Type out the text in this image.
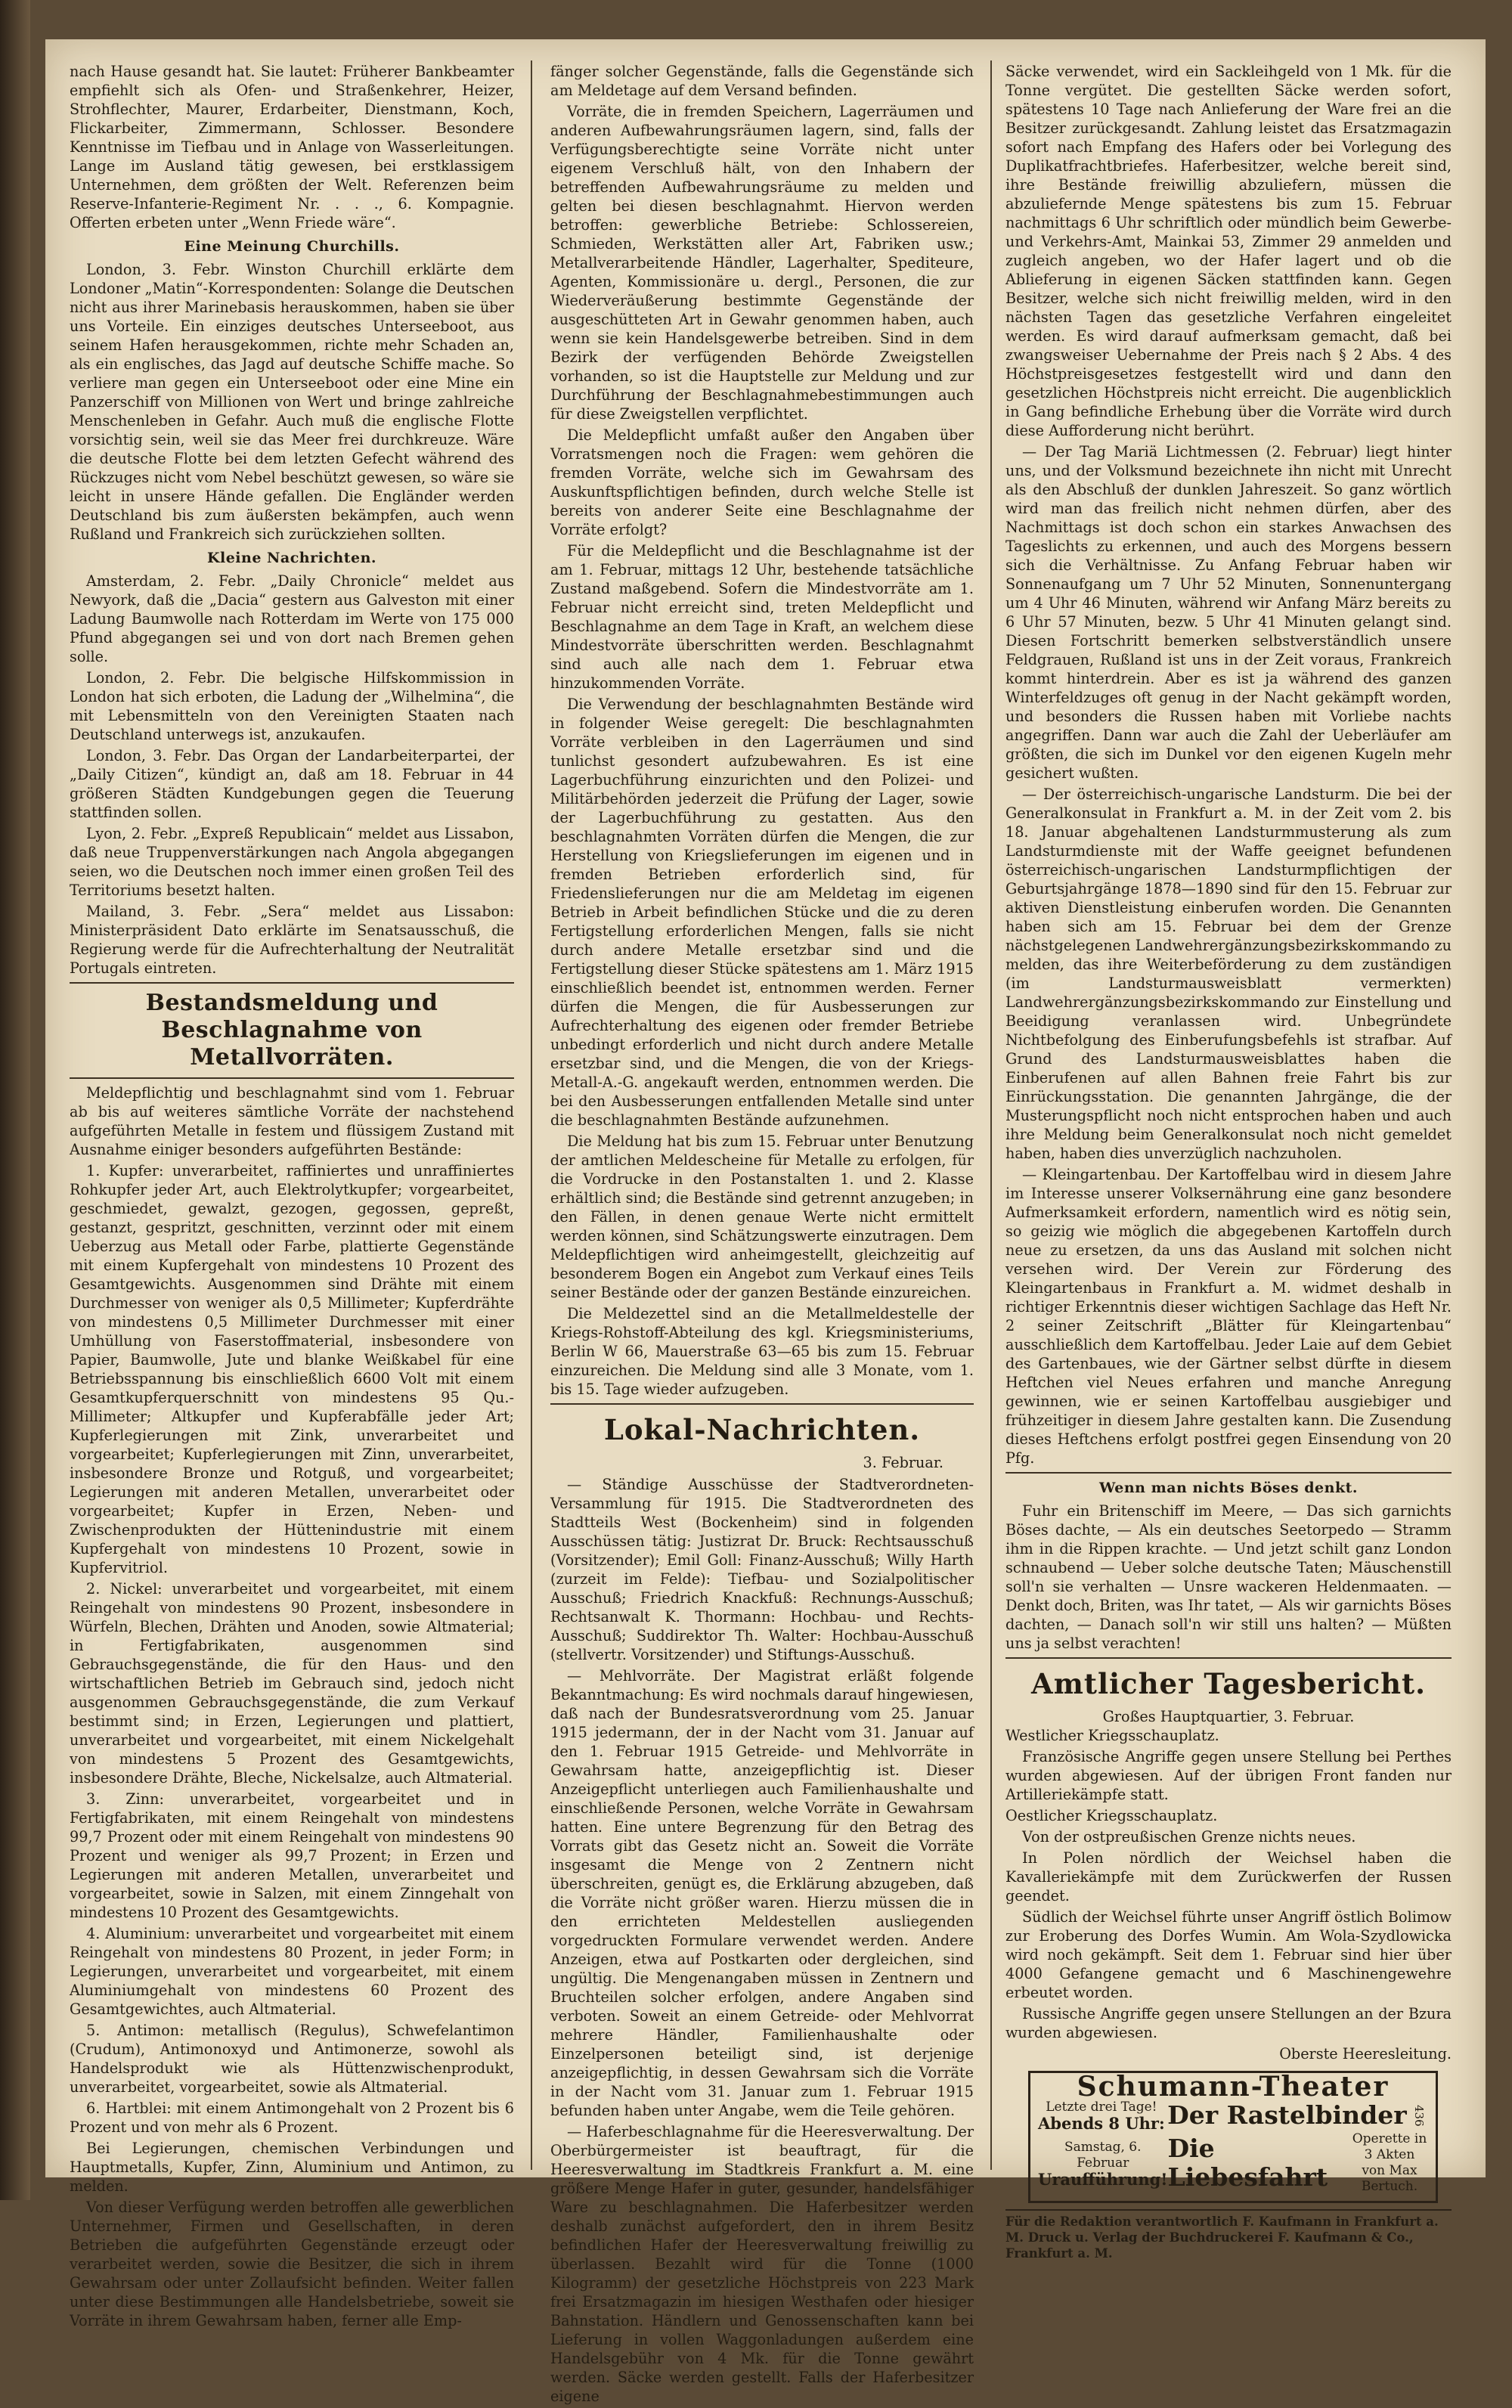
nach Hause gesandt hat. Sie lautet: Früherer Bankbeamter empfiehlt sich als Ofen- und Straßenkehrer, Heizer, Strohflechter, Maurer, Erdarbeiter, Dienstmann, Koch, Flickarbeiter, Zimmermann, Schlosser. Besondere Kenntnisse im Tiefbau und in Anlage von Wasserleitungen. Lange im Ausland tätig gewesen, bei erstklassigem Unternehmen, dem größten der Welt. Referenzen beim Reserve-Infanterie-Regiment Nr. . . ., 6. Kompagnie. Offerten erbeten unter „Wenn Friede wäre“.

Eine Meinung Churchills.

London, 3. Febr. Winston Churchill erklärte dem Londoner „Matin“-Korrespondenten: Solange die Deutschen nicht aus ihrer Marinebasis herauskommen, haben sie über uns Vorteile. Ein einziges deutsches Unterseeboot, aus seinem Hafen herausgekommen, richte mehr Schaden an, als ein englisches, das Jagd auf deutsche Schiffe mache. So verliere man gegen ein Unterseeboot oder eine Mine ein Panzerschiff von Millionen von Wert und bringe zahlreiche Menschenleben in Gefahr. Auch muß die englische Flotte vorsichtig sein, weil sie das Meer frei durchkreuze. Wäre die deutsche Flotte bei dem letzten Gefecht während des Rückzuges nicht vom Nebel beschützt gewesen, so wäre sie leicht in unsere Hände gefallen. Die Engländer werden Deutschland bis zum äußersten bekämpfen, auch wenn Rußland und Frankreich sich zurückziehen sollten.

Kleine Nachrichten.

Amsterdam, 2. Febr. „Daily Chronicle“ meldet aus Newyork, daß die „Dacia“ gestern aus Galveston mit einer Ladung Baumwolle nach Rotterdam im Werte von 175 000 Pfund abgegangen sei und von dort nach Bremen gehen solle.

London, 2. Febr. Die belgische Hilfskommission in London hat sich erboten, die Ladung der „Wilhelmina“, die mit Lebensmitteln von den Vereinigten Staaten nach Deutschland unterwegs ist, anzukaufen.

London, 3. Febr. Das Organ der Landarbeiterpartei, der „Daily Citizen“, kündigt an, daß am 18. Februar in 44 größeren Städten Kundgebungen gegen die Teuerung stattfinden sollen.

Lyon, 2. Febr. „Expreß Republicain“ meldet aus Lissabon, daß neue Truppenverstärkungen nach Angola abgegangen seien, wo die Deutschen noch immer einen großen Teil des Territoriums besetzt halten.

Mailand, 3. Febr. „Sera“ meldet aus Lissabon: Ministerpräsident Dato erklärte im Senatsausschuß, die Regierung werde für die Aufrechterhaltung der Neutralität Portugals eintreten.

Bestandsmeldung und Beschlagnahme von Metallvorräten.

Meldepflichtig und beschlagnahmt sind vom 1. Februar ab bis auf weiteres sämtliche Vorräte der nachstehend aufgeführten Metalle in festem und flüssigem Zustand mit Ausnahme einiger besonders aufgeführten Bestände:

1. Kupfer: unverarbeitet, raffiniertes und unraffiniertes Rohkupfer jeder Art, auch Elektrolytkupfer; vorgearbeitet, geschmiedet, gewalzt, gezogen, gegossen, gepreßt, gestanzt, gespritzt, geschnitten, verzinnt oder mit einem Ueberzug aus Metall oder Farbe, plattierte Gegenstände mit einem Kupfergehalt von mindestens 10 Prozent des Gesamtgewichts. Ausgenommen sind Drähte mit einem Durchmesser von weniger als 0,5 Millimeter; Kupferdrähte von mindestens 0,5 Millimeter Durchmesser mit einer Umhüllung von Faserstoffmaterial, insbesondere von Papier, Baumwolle, Jute und blanke Weißkabel für eine Betriebsspannung bis einschließlich 6600 Volt mit einem Gesamtkupferquerschnitt von mindestens 95 Qu.-Millimeter; Altkupfer und Kupferabfälle jeder Art; Kupferlegierungen mit Zink, unverarbeitet und vorgearbeitet; Kupferlegierungen mit Zinn, unverarbeitet, insbesondere Bronze und Rotguß, und vorgearbeitet; Legierungen mit anderen Metallen, unverarbeitet oder vorgearbeitet; Kupfer in Erzen, Neben- und Zwischenprodukten der Hüttenindustrie mit einem Kupfergehalt von mindestens 10 Prozent, sowie in Kupfervitriol.

2. Nickel: unverarbeitet und vorgearbeitet, mit einem Reingehalt von mindestens 90 Prozent, insbesondere in Würfeln, Blechen, Drähten und Anoden, sowie Altmaterial; in Fertigfabrikaten, ausgenommen sind Gebrauchsgegenstände, die für den Haus- und den wirtschaftlichen Betrieb im Gebrauch sind, jedoch nicht ausgenommen Gebrauchsgegenstände, die zum Verkauf bestimmt sind; in Erzen, Legierungen und plattiert, unverarbeitet und vorgearbeitet, mit einem Nickelgehalt von mindestens 5 Prozent des Gesamtgewichts, insbesondere Drähte, Bleche, Nickelsalze, auch Altmaterial.

3. Zinn: unverarbeitet, vorgearbeitet und in Fertigfabrikaten, mit einem Reingehalt von mindestens 99,7 Prozent oder mit einem Reingehalt von mindestens 90 Prozent und weniger als 99,7 Prozent; in Erzen und Legierungen mit anderen Metallen, unverarbeitet und vorgearbeitet, sowie in Salzen, mit einem Zinngehalt von mindestens 10 Prozent des Gesamtgewichts.

4. Aluminium: unverarbeitet und vorgearbeitet mit einem Reingehalt von mindestens 80 Prozent, in jeder Form; in Legierungen, unverarbeitet und vorgearbeitet, mit einem Aluminiumgehalt von mindestens 60 Prozent des Gesamtgewichtes, auch Altmaterial.

5. Antimon: metallisch (Regulus), Schwefelantimon (Crudum), Antimonoxyd und Antimonerze, sowohl als Handelsprodukt wie als Hüttenzwischenprodukt, unverarbeitet, vorgearbeitet, sowie als Altmaterial.

6. Hartblei: mit einem Antimongehalt von 2 Prozent bis 6 Prozent und von mehr als 6 Prozent.

Bei Legierungen, chemischen Verbindungen und Hauptmetalls, Kupfer, Zinn, Aluminium und Antimon, zu melden.

Von dieser Verfügung werden betroffen alle gewerblichen Unternehmer, Firmen und Gesellschaften, in deren Betrieben die aufgeführten Gegenstände erzeugt oder verarbeitet werden, sowie die Besitzer, die sich in ihrem Gewahrsam oder unter Zollaufsicht befinden. Weiter fallen unter diese Bestimmungen alle Handelsbetriebe, soweit sie Vorräte in ihrem Gewahrsam haben, ferner alle Emp-

fänger solcher Gegenstände, falls die Gegenstände sich am Meldetage auf dem Versand befinden.

Vorräte, die in fremden Speichern, Lagerräumen und anderen Aufbewahrungsräumen lagern, sind, falls der Verfügungsberechtigte seine Vorräte nicht unter eigenem Verschluß hält, von den Inhabern der betreffenden Aufbewahrungsräume zu melden und gelten bei diesen beschlagnahmt. Hiervon werden betroffen: gewerbliche Betriebe: Schlossereien, Schmieden, Werkstätten aller Art, Fabriken usw.; Metallverarbeitende Händler, Lagerhalter, Spediteure, Agenten, Kommissionäre u. dergl., Personen, die zur Wiederveräußerung bestimmte Gegenstände der ausgeschütteten Art in Gewahr genommen haben, auch wenn sie kein Handelsgewerbe betreiben. Sind in dem Bezirk der verfügenden Behörde Zweigstellen vorhanden, so ist die Hauptstelle zur Meldung und zur Durchführung der Beschlagnahmebestimmungen auch für diese Zweigstellen verpflichtet.

Die Meldepflicht umfaßt außer den Angaben über Vorratsmengen noch die Fragen: wem gehören die fremden Vorräte, welche sich im Gewahrsam des Auskunftspflichtigen befinden, durch welche Stelle ist bereits von anderer Seite eine Beschlagnahme der Vorräte erfolgt?

Für die Meldepflicht und die Beschlagnahme ist der am 1. Februar, mittags 12 Uhr, bestehende tatsächliche Zustand maßgebend. Sofern die Mindestvorräte am 1. Februar nicht erreicht sind, treten Meldepflicht und Beschlagnahme an dem Tage in Kraft, an welchem diese Mindestvorräte überschritten werden. Beschlagnahmt sind auch alle nach dem 1. Februar etwa hinzukommenden Vorräte.

Die Verwendung der beschlagnahmten Bestände wird in folgender Weise geregelt: Die beschlagnahmten Vorräte verbleiben in den Lagerräumen und sind tunlichst gesondert aufzubewahren. Es ist eine Lagerbuchführung einzurichten und den Polizei- und Militärbehörden jederzeit die Prüfung der Lager, sowie der Lagerbuchführung zu gestatten. Aus den beschlagnahmten Vorräten dürfen die Mengen, die zur Herstellung von Kriegslieferungen im eigenen und in fremden Betrieben erforderlich sind, für Friedenslieferungen nur die am Meldetag im eigenen Betrieb in Arbeit befindlichen Stücke und die zu deren Fertigstellung erforderlichen Mengen, falls sie nicht durch andere Metalle ersetzbar sind und die Fertigstellung dieser Stücke spätestens am 1. März 1915 einschließlich beendet ist, entnommen werden. Ferner dürfen die Mengen, die für Ausbesserungen zur Aufrechterhaltung des eigenen oder fremder Betriebe unbedingt erforderlich und nicht durch andere Metalle ersetzbar sind, und die Mengen, die von der Kriegs-Metall-A.-G. angekauft werden, entnommen werden. Die bei den Ausbesserungen entfallenden Metalle sind unter die beschlagnahmten Bestände aufzunehmen.

Die Meldung hat bis zum 15. Februar unter Benutzung der amtlichen Meldescheine für Metalle zu erfolgen, für die Vordrucke in den Postanstalten 1. und 2. Klasse erhältlich sind; die Bestände sind getrennt anzugeben; in den Fällen, in denen genaue Werte nicht ermittelt werden können, sind Schätzungswerte einzutragen. Dem Meldepflichtigen wird anheimgestellt, gleichzeitig auf besonderem Bogen ein Angebot zum Verkauf eines Teils seiner Bestände oder der ganzen Bestände einzureichen.

Die Meldezettel sind an die Metallmeldestelle der Kriegs-Rohstoff-Abteilung des kgl. Kriegsministeriums, Berlin W 66, Mauerstraße 63—65 bis zum 15. Februar einzureichen. Die Meldung sind alle 3 Monate, vom 1. bis 15. Tage wieder aufzugeben.

Lokal-Nachrichten.
3. Februar.

— Ständige Ausschüsse der Stadtverordneten-Versammlung für 1915. Die Stadtverordneten des Stadtteils West (Bockenheim) sind in folgenden Ausschüssen tätig: Justizrat Dr. Bruck: Rechtsausschuß (Vorsitzender); Emil Goll: Finanz-Ausschuß; Willy Harth (zurzeit im Felde): Tiefbau- und Sozialpolitischer Ausschuß; Friedrich Knackfuß: Rechnungs-Ausschuß; Rechtsanwalt K. Thormann: Hochbau- und Rechts-Ausschuß; Suddirektor Th. Walter: Hochbau-Ausschuß (stellvertr. Vorsitzender) und Stiftungs-Ausschuß.

— Mehlvorräte. Der Magistrat erläßt folgende Bekanntmachung: Es wird nochmals darauf hingewiesen, daß nach der Bundesratsverordnung vom 25. Januar 1915 jedermann, der in der Nacht vom 31. Januar auf den 1. Februar 1915 Getreide- und Mehlvorräte in Gewahrsam hatte, anzeigepflichtig ist. Dieser Anzeigepflicht unterliegen auch Familienhaushalte und einschließende Personen, welche Vorräte in Gewahrsam hatten. Eine untere Begrenzung für den Betrag des Vorrats gibt das Gesetz nicht an. Soweit die Vorräte insgesamt die Menge von 2 Zentnern nicht überschreiten, genügt es, die Erklärung abzugeben, daß die Vorräte nicht größer waren. Hierzu müssen die in den errichteten Meldestellen ausliegenden vorgedruckten Formulare verwendet werden. Andere Anzeigen, etwa auf Postkarten oder dergleichen, sind ungültig. Die Mengenangaben müssen in Zentnern und Bruchteilen solcher erfolgen, andere Angaben sind verboten. Soweit an einem Getreide- oder Mehlvorrat mehrere Händler, Familienhaushalte oder Einzelpersonen beteiligt sind, ist derjenige anzeigepflichtig, in dessen Gewahrsam sich die Vorräte in der Nacht vom 31. Januar zum 1. Februar 1915 befunden haben unter Angabe, wem die Teile gehören.

— Haferbeschlagnahme für die Heeresverwaltung. Der Oberbürgermeister ist beauftragt, für die Heeresverwaltung im Stadtkreis Frankfurt a. M. eine größere Menge Hafer in guter, gesunder, handelsfähiger Ware zu beschlagnahmen. Die Haferbesitzer werden deshalb zunächst aufgefordert, den in ihrem Besitz befindlichen Hafer der Heeresverwaltung freiwillig zu überlassen. Bezahlt wird für die Tonne (1000 Kilogramm) der gesetzliche Höchstpreis von 223 Mark frei Ersatzmagazin im hiesigen Westhafen oder hiesiger Bahnstation. Händlern und Genossenschaften kann bei Lieferung in vollen Waggonladungen außerdem eine Handelsgebühr von 4 Mk. für die Tonne gewährt werden. Säcke werden gestellt. Falls der Haferbesitzer eigene

Säcke verwendet, wird ein Sackleihgeld von 1 Mk. für die Tonne vergütet. Die gestellten Säcke werden sofort, spätestens 10 Tage nach Anlieferung der Ware frei an die Besitzer zurückgesandt. Zahlung leistet das Ersatzmagazin sofort nach Empfang des Hafers oder bei Vorlegung des Duplikatfrachtbriefes. Haferbesitzer, welche bereit sind, ihre Bestände freiwillig abzuliefern, müssen die abzuliefernde Menge spätestens bis zum 15. Februar nachmittags 6 Uhr schriftlich oder mündlich beim Gewerbe- und Verkehrs-Amt, Mainkai 53, Zimmer 29 anmelden und zugleich angeben, wo der Hafer lagert und ob die Ablieferung in eigenen Säcken stattfinden kann. Gegen Besitzer, welche sich nicht freiwillig melden, wird in den nächsten Tagen das gesetzliche Verfahren eingeleitet werden. Es wird darauf aufmerksam gemacht, daß bei zwangsweiser Uebernahme der Preis nach § 2 Abs. 4 des Höchstpreisgesetzes festgestellt wird und dann den gesetzlichen Höchstpreis nicht erreicht. Die augenblicklich in Gang befindliche Erhebung über die Vorräte wird durch diese Aufforderung nicht berührt.

— Der Tag Mariä Lichtmessen (2. Februar) liegt hinter uns, und der Volksmund bezeichnete ihn nicht mit Unrecht als den Abschluß der dunklen Jahreszeit. So ganz wörtlich wird man das freilich nicht nehmen dürfen, aber des Nachmittags ist doch schon ein starkes Anwachsen des Tageslichts zu erkennen, und auch des Morgens bessern sich die Verhältnisse. Zu Anfang Februar haben wir Sonnenaufgang um 7 Uhr 52 Minuten, Sonnenuntergang um 4 Uhr 46 Minuten, während wir Anfang März bereits zu 6 Uhr 57 Minuten, bezw. 5 Uhr 41 Minuten gelangt sind. Diesen Fortschritt bemerken selbstverständlich unsere Feldgrauen, Rußland ist uns in der Zeit voraus, Frankreich kommt hinterdrein. Aber es ist ja während des ganzen Winterfeldzuges oft genug in der Nacht gekämpft worden, und besonders die Russen haben mit Vorliebe nachts angegriffen. Dann war auch die Zahl der Ueberläufer am größten, die sich im Dunkel vor den eigenen Kugeln mehr gesichert wußten.

— Der österreichisch-ungarische Landsturm. Die bei der Generalkonsulat in Frankfurt a. M. in der Zeit vom 2. bis 18. Januar abgehaltenen Landsturmmusterung als zum Landsturmdienste mit der Waffe geeignet befundenen österreichisch-ungarischen Landsturmpflichtigen der Geburtsjahrgänge 1878—1890 sind für den 15. Februar zur aktiven Dienstleistung einberufen worden. Die Genannten haben sich am 15. Februar bei dem der Grenze nächstgelegenen Landwehrergänzungsbezirkskommando zu melden, das ihre Weiterbeförderung zu dem zuständigen (im Landsturmausweisblatt vermerkten) Landwehrergänzungsbezirkskommando zur Einstellung und Beeidigung veranlassen wird. Unbegründete Nichtbefolgung des Einberufungsbefehls ist strafbar. Auf Grund des Landsturmausweisblattes haben die Einberufenen auf allen Bahnen freie Fahrt bis zur Einrückungsstation. Die genannten Jahrgänge, die der Musterungspflicht noch nicht entsprochen haben und auch ihre Meldung beim Generalkonsulat noch nicht gemeldet haben, haben dies unverzüglich nachzuholen.

— Kleingartenbau. Der Kartoffelbau wird in diesem Jahre im Interesse unserer Volksernährung eine ganz besondere Aufmerksamkeit erfordern, namentlich wird es nötig sein, so geizig wie möglich die abgegebenen Kartoffeln durch neue zu ersetzen, da uns das Ausland mit solchen nicht versehen wird. Der Verein zur Förderung des Kleingartenbaus in Frankfurt a. M. widmet deshalb in richtiger Erkenntnis dieser wichtigen Sachlage das Heft Nr. 2 seiner Zeitschrift „Blätter für Kleingartenbau“ ausschließlich dem Kartoffelbau. Jeder Laie auf dem Gebiet des Gartenbaues, wie der Gärtner selbst dürfte in diesem Heftchen viel Neues erfahren und manche Anregung gewinnen, wie er seinen Kartoffelbau ausgiebiger und frühzeitiger in diesem Jahre gestalten kann. Die Zusendung dieses Heftchens erfolgt postfrei gegen Einsendung von 20 Pfg.

Wenn man nichts Böses denkt.

Fuhr ein Britenschiff im Meere, — Das sich garnichts Böses dachte, — Als ein deutsches Seetorpedo — Stramm ihm in die Rippen krachte. — Und jetzt schilt ganz London schnaubend — Ueber solche deutsche Taten; Mäuschenstill soll'n sie verhalten — Unsre wackeren Heldenmaaten. — Denkt doch, Briten, was Ihr tatet, — Als wir garnichts Böses dachten, — Danach soll'n wir still uns halten? — Müßten uns ja selbst verachten!

Amtlicher Tagesbericht.
Großes Hauptquartier, 3. Februar.

Westlicher Kriegsschauplatz.

Französische Angriffe gegen unsere Stellung bei Perthes wurden abgewiesen. Auf der übrigen Front fanden nur Artilleriekämpfe statt.

Oestlicher Kriegsschauplatz.

Von der ostpreußischen Grenze nichts neues.

In Polen nördlich der Weichsel haben die Kavalleriekämpfe mit dem Zurückwerfen der Russen geendet.

Südlich der Weichsel führte unser Angriff östlich Bolimow zur Eroberung des Dorfes Wumin. Am Wola-Szydlowicka wird noch gekämpft. Seit dem 1. Februar sind hier über 4000 Gefangene gemacht und 6 Maschinengewehre erbeutet worden.

Russische Angriffe gegen unsere Stellungen an der Bzura wurden abgewiesen.

Oberste Heeresleitung.

Schumann-Theater
Letzte drei Tage!
Abends 8 Uhr: Der Rastelbinder 436
Samstag, 6. Februar
Uraufführung!
Die Liebesfahrt
Operette in 3 Akten von Max Bertuch.
Für die Redaktion verantwortlich F. Kaufmann in Frankfurt a. M. Druck u. Verlag der Buchdruckerei F. Kaufmann & Co., Frankfurt a. M.
